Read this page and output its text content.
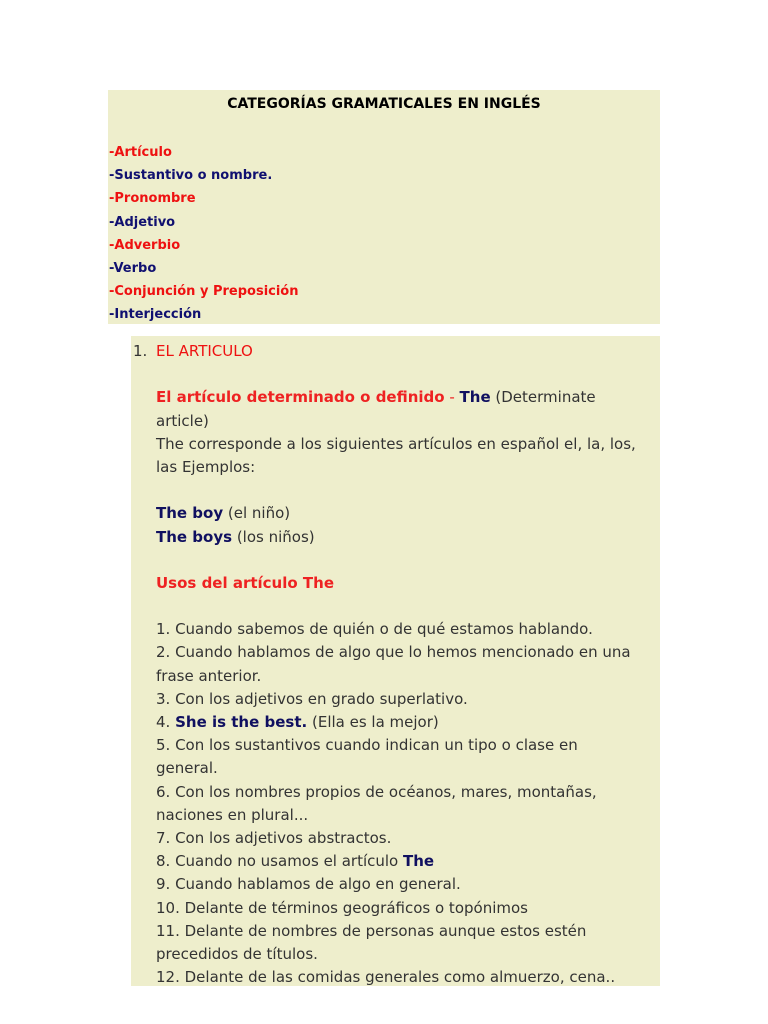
CATEGORÍAS GRAMATICALES EN INGLÉS
-Artículo
-Sustantivo o nombre.
-Pronombre
-Adjetivo
-Adverbio
-Verbo
-Conjunción y Preposición
-Interjección
1. EL ARTICULO
El artículo determinado o definido - The (Determinate
article)
The corresponde a los siguientes artículos en español el, la, los,
las Ejemplos:
The boy (el niño)
The boys (los niños)
Usos del artículo The
1. Cuando sabemos de quién o de qué estamos hablando.
2. Cuando hablamos de algo que lo hemos mencionado en una
frase anterior.
3. Con los adjetivos en grado superlativo.
4. She is the best. (Ella es la mejor)
5. Con los sustantivos cuando indican un tipo o clase en
general.
6. Con los nombres propios de océanos, mares, montañas,
naciones en plural...
7. Con los adjetivos abstractos.
8. Cuando no usamos el artículo The
9. Cuando hablamos de algo en general.
10. Delante de términos geográficos o topónimos
11. Delante de nombres de personas aunque estos estén
precedidos de títulos.
12. Delante de las comidas generales como almuerzo, cena..
